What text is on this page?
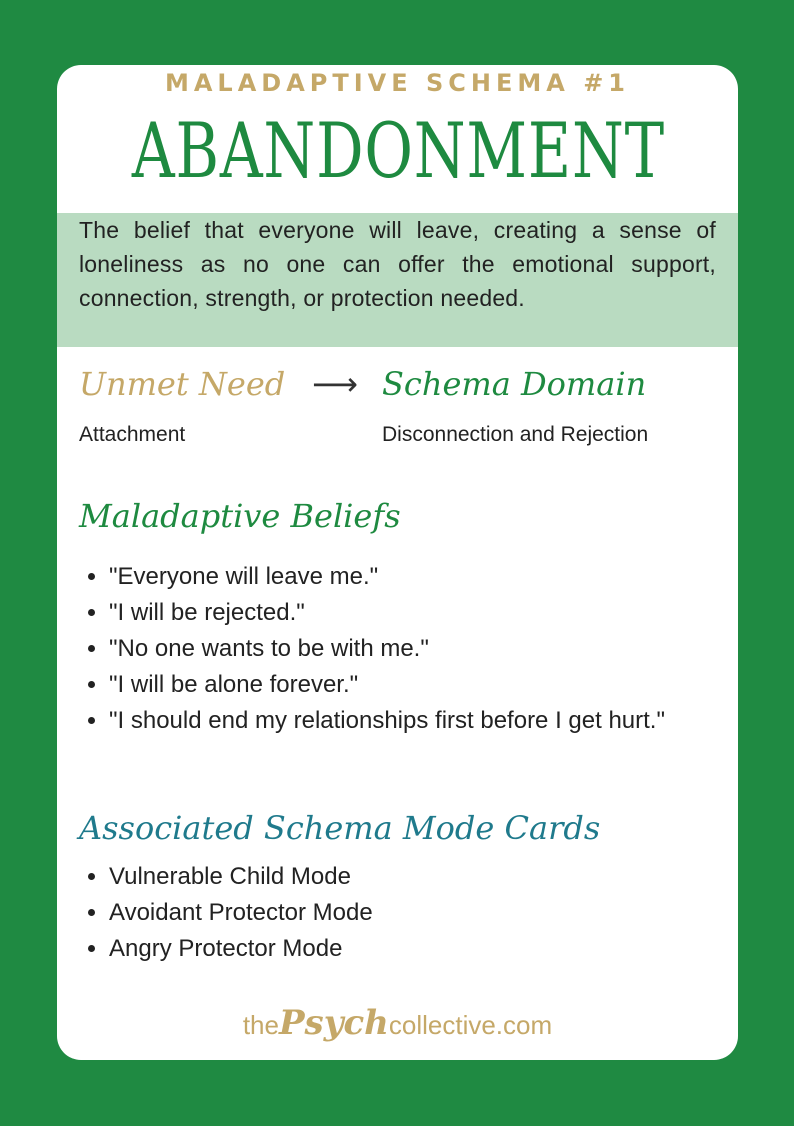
MALADAPTIVE SCHEMA #1
ABANDONMENT

The belief that everyone will leave, creating a sense of loneliness as no one can offer the emotional support, connection, strength, or protection needed.

Unmet Need ⟶ Schema Domain
Attachment	Disconnection and Rejection
Maladaptive Beliefs
• "Everyone will leave me."
• "I will be rejected."
• "No one wants to be with me."
• "I will be alone forever."
• "I should end my relationships first before I get hurt."
Associated Schema Mode Cards
• Vulnerable Child Mode
• Avoidant Protector Mode
• Angry Protector Mode
thePsychcollective.com
